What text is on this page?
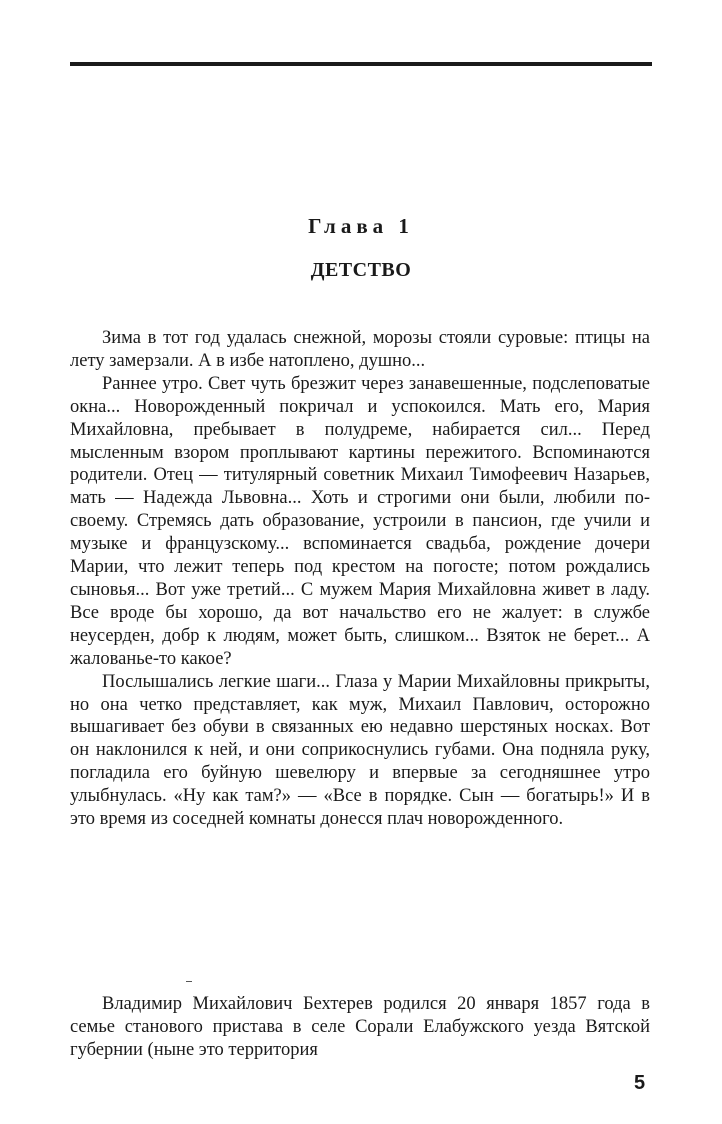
Глава 1
ДЕТСТВО

Зима в тот год удалась снежной, морозы стояли суровые: птицы на лету замерзали. А в избе натоплено, душно...

Раннее утро. Свет чуть брезжит через занавешенные, подслеповатые окна... Новорожденный покричал и успокоился. Мать его, Мария Михайловна, пребывает в полудреме, набирается сил... Перед мысленным взором проплывают картины пережитого. Вспоминаются родители. Отец — титулярный советник Михаил Тимофеевич Назарьев, мать — Надежда Львовна... Хоть и строгими они были, любили по-своему. Стремясь дать образование, устроили в пансион, где учили и музыке и французскому... вспоминается свадьба, рождение дочери Марии, что лежит теперь под крестом на погосте; потом рождались сыновья... Вот уже третий... С мужем Мария Михайловна живет в ладу. Все вроде бы хорошо, да вот начальство его не жалует: в службе неусерден, добр к людям, может быть, слишком... Взяток не берет... А жалованье-то какое?

Послышались легкие шаги... Глаза у Марии Михайловны прикрыты, но она четко представляет, как муж, Михаил Павлович, осторожно вышагивает без обуви в связанных ею недавно шерстяных носках. Вот он наклонился к ней, и они соприкоснулись губами. Она подняла руку, погладила его буйную шевелюру и впервые за сегодняшнее утро улыбнулась. «Ну как там?» — «Все в порядке. Сын — богатырь!» И в это время из соседней комнаты донесся плач новорожденного.

Владимир Михайлович Бехтерев родился 20 января 1857 года в семье станового пристава в селе Сорали Елабужского уезда Вятской губернии (ныне это территория

5
